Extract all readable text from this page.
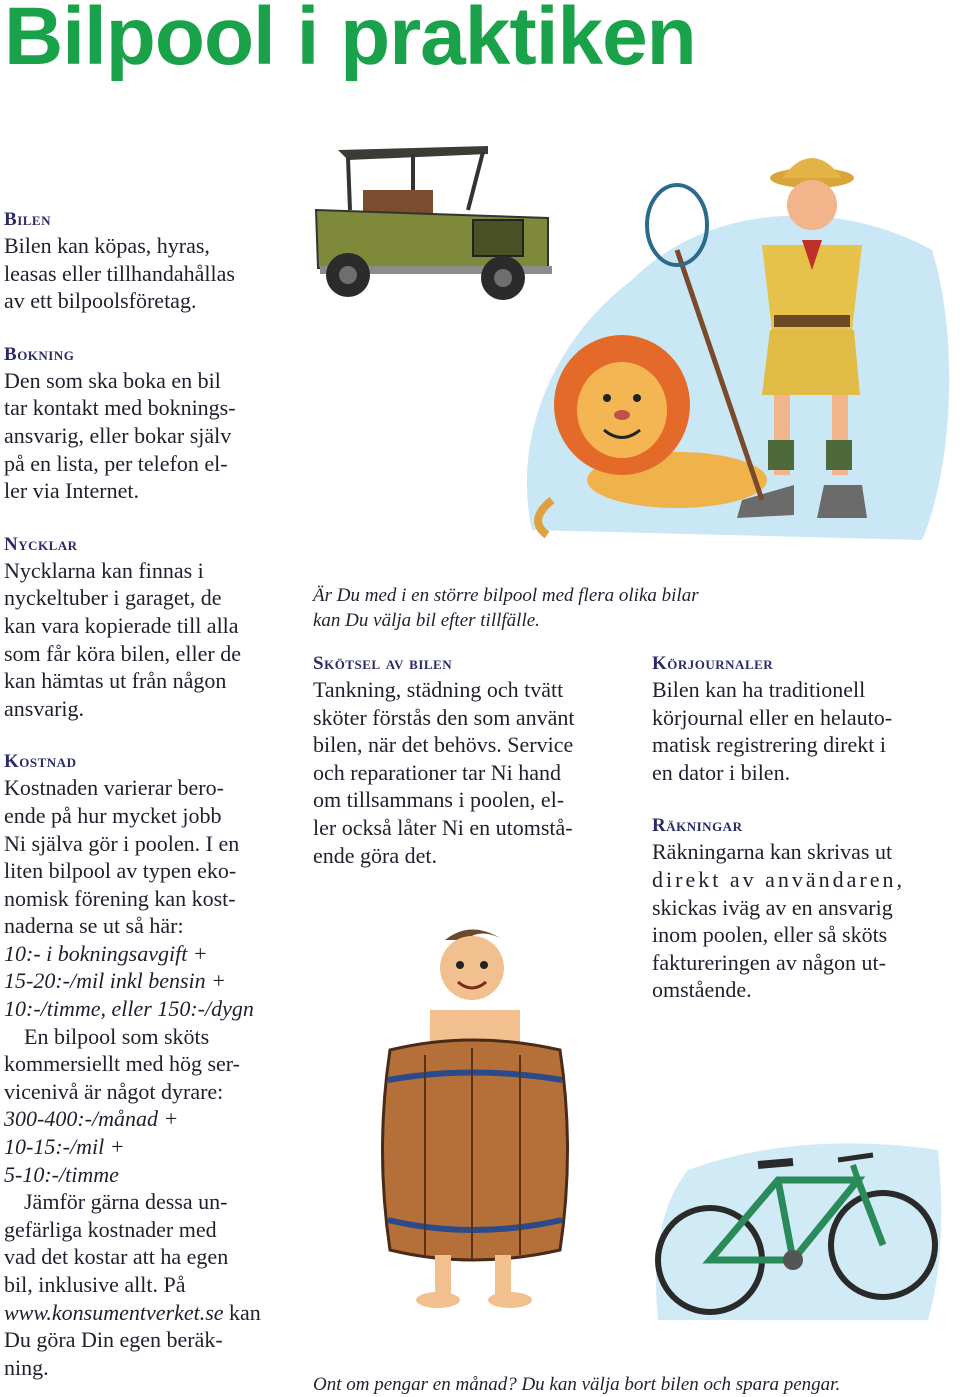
Bilpool i praktiken

Bilen

Bilen kan köpas, hyras,
leasas eller tillhandahållas
av ett bilpoolsföretag.

Bokning

Den som ska boka en bil
tar kontakt med boknings-
ansvarig, eller bokar själv
på en lista, per telefon el-
ler via Internet.

Nycklar

Nycklarna kan finnas i
nyckeltuber i garaget, de
kan vara kopierade till alla
som får köra bilen, eller de
kan hämtas ut från någon
ansvarig.

Kostnad

Kostnaden varierar bero-
ende på hur mycket jobb
Ni själva gör i poolen. I en
liten bilpool av typen eko-
nomisk förening kan kost-
naderna se ut så här:
10:- i bokningsavgift +
15-20:-/mil inkl bensin +
10:-/timme, eller 150:-/dygn
En bilpool som sköts
kommersiellt med hög ser-
vicenivå är något dyrare:
300-400:-/månad +
10-15:-/mil +
5-10:-/timme
Jämför gärna dessa un-
gefärliga kostnader med
vad det kostar att ha egen
bil, inklusive allt. På
www.konsumentverket.se kan
Du göra Din egen beräk-
ning.

Är Du med i en större bilpool med flera olika bilar
kan Du välja bil efter tillfälle.

Skötsel av bilen

Tankning, städning och tvätt
sköter förstås den som använt
bilen, när det behövs. Service
och reparationer tar Ni hand
om tillsammans i poolen, el-
ler också låter Ni en utomstå-
ende göra det.

Körjournaler

Bilen kan ha traditionell
körjournal eller en helauto-
matisk registrering direkt i
en dator i bilen.

Räkningar

Räkningarna kan skrivas ut
direkt av användaren,
skickas iväg av en ansvarig
inom poolen, eller så sköts
faktureringen av någon ut-
omstående.

Ont om pengar en månad? Du kan välja bort bilen och spara pengar.
